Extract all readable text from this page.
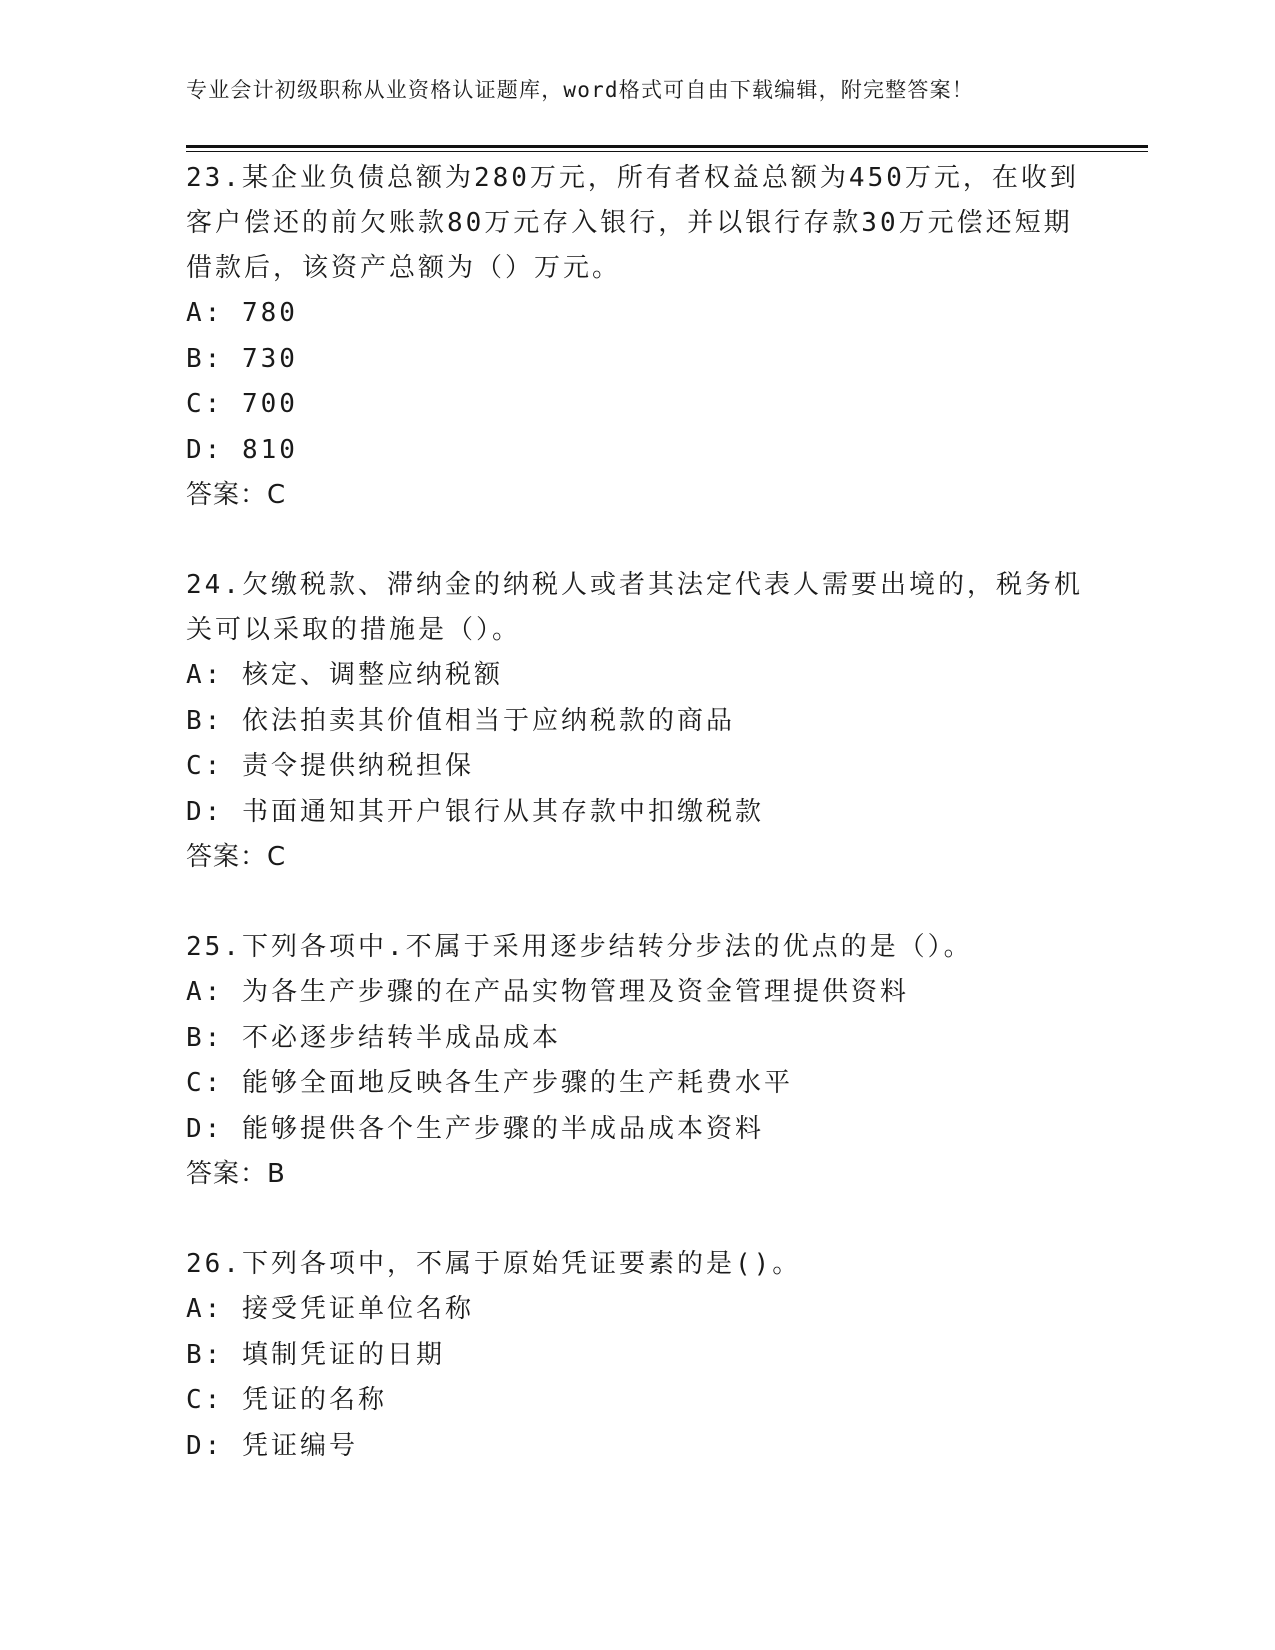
专业会计初级职称从业资格认证题库，word格式可自由下载编辑，附完整答案！
23.某企业负债总额为280万元，所有者权益总额为450万元，在收到客户偿还的前欠账款80万元存入银行，并以银行存款30万元偿还短期借款后，该资产总额为（）万元。
A: 780
B: 730
C: 700
D: 810
答案：C
24.欠缴税款、滞纳金的纳税人或者其法定代表人需要出境的，税务机关可以采取的措施是（）。
A: 核定、调整应纳税额
B: 依法拍卖其价值相当于应纳税款的商品
C: 责令提供纳税担保
D: 书面通知其开户银行从其存款中扣缴税款
答案：C
25.下列各项中.不属于采用逐步结转分步法的优点的是（）。
A: 为各生产步骤的在产品实物管理及资金管理提供资料
B: 不必逐步结转半成品成本
C: 能够全面地反映各生产步骤的生产耗费水平
D: 能够提供各个生产步骤的半成品成本资料
答案：B
26.下列各项中，不属于原始凭证要素的是()。
A: 接受凭证单位名称
B: 填制凭证的日期
C: 凭证的名称
D: 凭证编号
